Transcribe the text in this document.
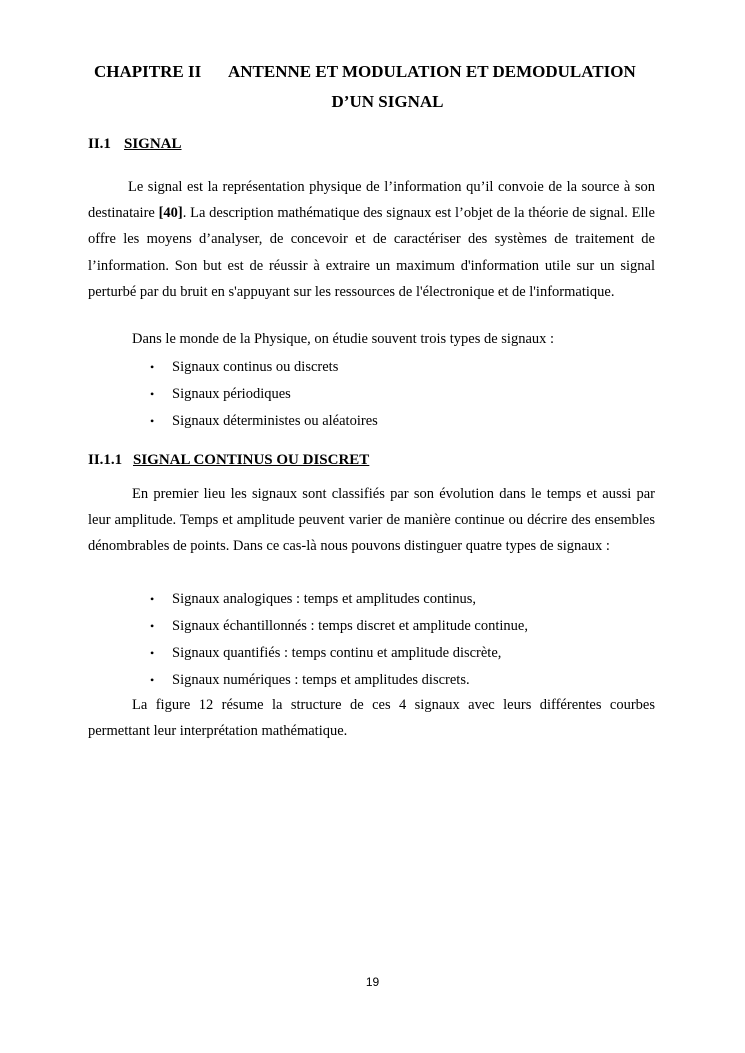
CHAPITRE II ANTENNE ET MODULATION ET DEMODULATION
D’UN SIGNAL
II.1 SIGNAL

Le signal est la représentation physique de l’information qu’il convoie de la source à son destinataire [40]. La description mathématique des signaux est l’objet de la théorie de signal. Elle offre les moyens d’analyser, de concevoir et de caractériser des systèmes de traitement de l’information. Son but est de réussir à extraire un maximum d'information utile sur un signal perturbé par du bruit en s'appuyant sur les ressources de l'électronique et de l'informatique.

Dans le monde de la Physique, on étudie souvent trois types de signaux :
• Signaux continus ou discrets
• Signaux périodiques
• Signaux déterministes ou aléatoires
II.1.1 SIGNAL CONTINUS OU DISCRET

En premier lieu les signaux sont classifiés par son évolution dans le temps et aussi par leur amplitude. Temps et amplitude peuvent varier de manière continue ou décrire des ensembles dénombrables de points. Dans ce cas-là nous pouvons distinguer quatre types de signaux :

• Signaux analogiques : temps et amplitudes continus,
• Signaux échantillonnés : temps discret et amplitude continue,
• Signaux quantifiés : temps continu et amplitude discrète,
• Signaux numériques : temps et amplitudes discrets.

La figure 12 résume la structure de ces 4 signaux avec leurs différentes courbes permettant leur interprétation mathématique.

19
